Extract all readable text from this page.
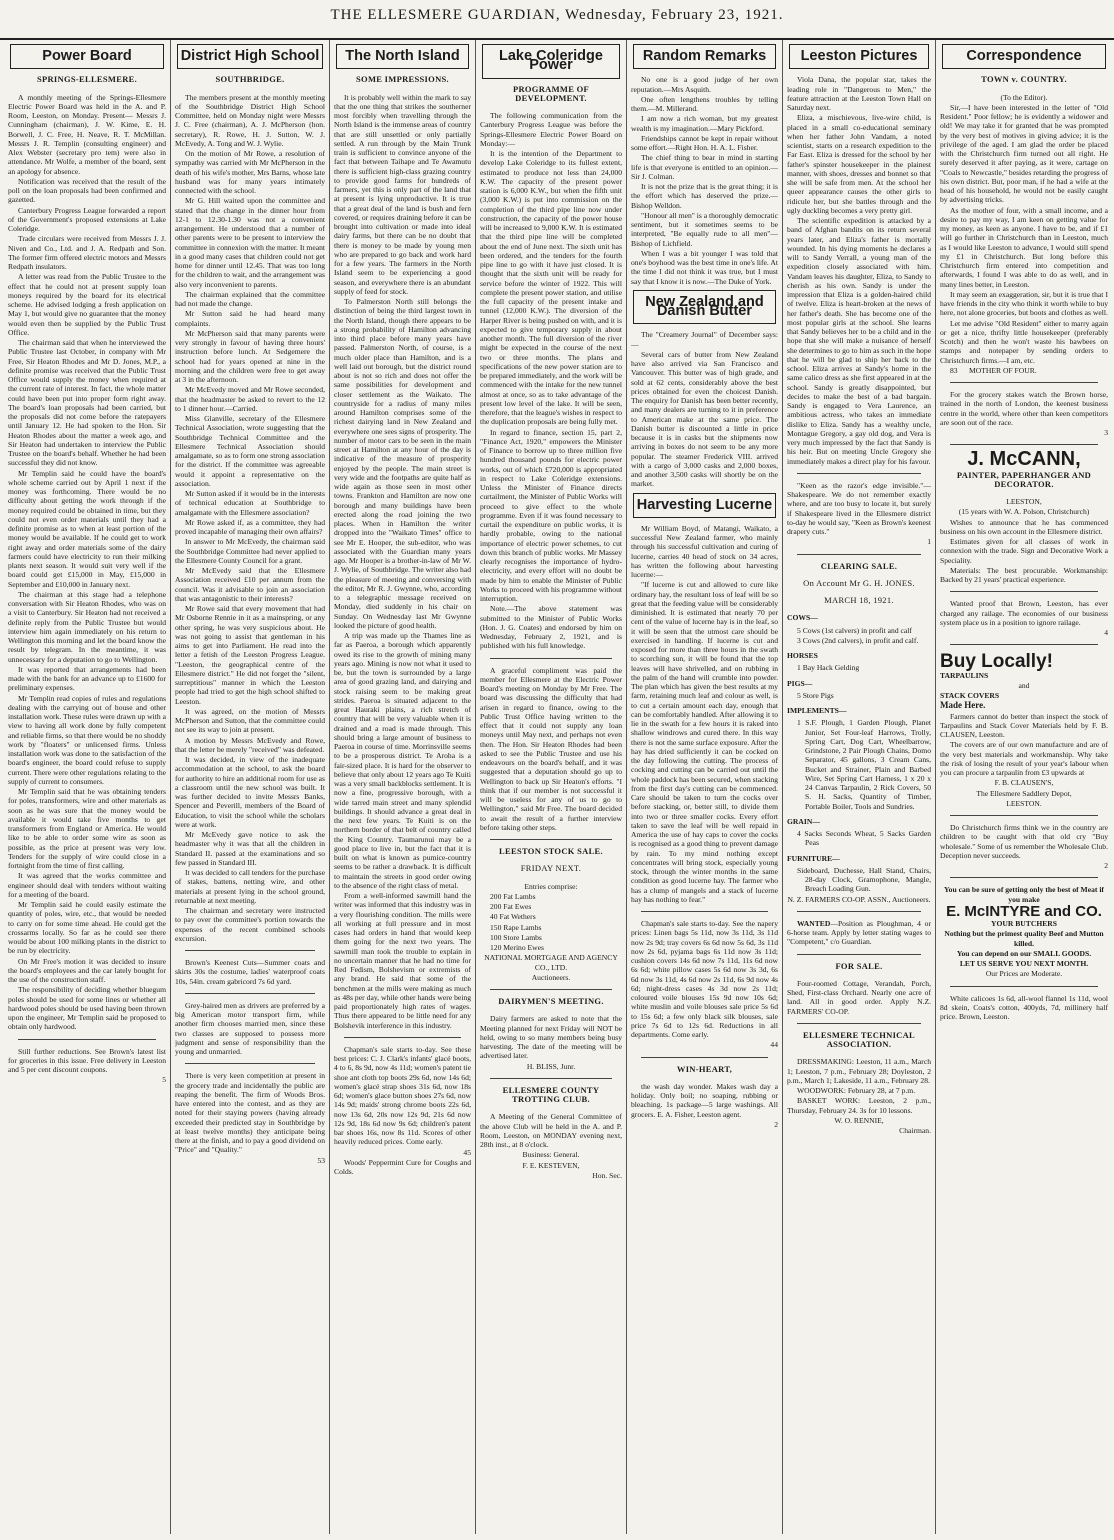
THE ELLESMERE GUARDIAN, Wednesday, February 23, 1921.
Power Board
SPRINGS-ELLESMERE.

A monthly meeting of the Springs-Ellesmere Electric Power Board was held in the A. and P. Room, Leeston, on Monday. Present— Messrs J. Cunningham (chairman), J. W. Kime, E. H. Borwell, J. C. Free, H. Neave, R. T. McMillan. Messrs J. R. Templin (consulting engineer) and Alex Webster (secretary pro tem) were also in attendance. Mr Wolfe, a member of the board, sent an apology for absence.

Notification was received that the result of the poll on the loan proposals had been confirmed and gazetted.

Canterbury Progress League forwarded a report of the Government's proposed extensions at Lake Coleridge.

Trade circulars were received from Messrs J. J. Niven and Co., Ltd. and J. A. Redpath and Son. The former firm offered electric motors and Messrs Redpath insulators.

A letter was read from the Public Trustee to the effect that he could not at present supply loan moneys required by the board for its electrical scheme. He advised lodging a fresh application on May 1, but would give no guarantee that the money would even then be supplied by the Public Trust Office.

The chairman said that when he interviewed the Public Trustee last October, in company with Mr Free, Sir Heaton Rhodes and Mr D. Jones, M.P., a definite promise was received that the Public Trust Office would supply the money when required at the current rate of interest. In fact, the whole matter could have been put into proper form right away. The board's loan proposals had been carried, but the proposals did not come before the ratepayers until January 12. He had spoken to the Hon. Sir Heaton Rhodes about the matter a week ago, and Sir Heaton had undertaken to interview the Public Trustee on the board's behalf. Whether he had been successful they did not know.

Mr Templin said he could have the board's whole scheme carried out by April 1 next if the money was forthcoming. There would be no difficulty about getting the work through if the money required could be obtained in time, but they could not even order materials until they had a definite promise as to when at least portion of the money would be available. If he could get to work right away and order materials some of the dairy farmers could have electricity to run their milking plants next season. It would suit very well if the board could get £15,000 in May, £15,000 in September and £10,000 in January next.

The chairman at this stage had a telephone conversation with Sir Heaton Rhodes, who was on a visit to Canterbury. Sir Heaton had not received a definite reply from the Public Trustee but would interview him again immediately on his return to Wellington this morning and let the board know the result by telegram. In the meantime, it was unnecessary for a deputation to go to Wellington.

It was reported that arrangements had been made with the bank for an advance up to £1600 for preliminary expenses.

Mr Templin read copies of rules and regulations dealing with the carrying out of house and other installation work. These rules were drawn up with a view to having all work done by fully competent and reliable firms, so that there would be no shoddy work by "floaters" or unlicensed firms. Unless installation work was done to the satisfaction of the board's engineer, the board could refuse to supply current. There were other regulations relating to the supply of current to consumers.

Mr Templin said that he was obtaining tenders for poles, transformers, wire and other materials as soon as he was sure that the money would be available it would take five months to get transformers from England or America. He would like to be able to order some wire as soon as possible, as the price at present was very low. Tenders for the supply of wire could close in a fortnight from the time of first calling.

It was agreed that the works committee and engineer should deal with tenders without waiting for a meeting of the board.

Mr Templin said he could easily estimate the quantity of poles, wire, etc., that would be needed to carry on for some time ahead. He could get the crossarms locally. So far as he could see there would be about 100 milking plants in the district to be run by electricity.

On Mr Free's motion it was decided to insure the board's employees and the car lately bought for the use of the construction staff.

The responsibility of deciding whether bluegum poles should be used for some lines or whether all hardwood poles should be used having been thrown upon the engineer, Mr Templin said he proposed to obtain only hardwood.

Still further reductions. See Brown's latest list for groceries in this issue. Free delivery in Leeston and 5 per cent discount coupons.

5

District High School
SOUTHBRIDGE.

The members present at the monthly meeting of the Southbridge District High School Committee, held on Monday night were Messrs J. C. Free (chairman), A. J. McPherson (hon. secretary), R. Rowe, H. J. Sutton, W. J. McEvedy, A. Tong and W. J. Wylie.

On the motion of Mr Rowe, a resolution of sympathy was carried with Mr McPherson in the death of his wife's mother, Mrs Barns, whose late husband was for many years intimately connected with the school.

Mr G. Hill waited upon the committee and stated that the change in the dinner hour from 12-1 to 12.30-1.30 was not a convenient arrangement. He understood that a number of other parents were to be present to interview the committee in connexion with the matter. It meant in a good many cases that children could not get home for dinner until 12.45. That was too long for the children to wait, and the arrangement was also very inconvenient to parents.

The chairman explained that the committee had not made the change.

Mr Sutton said he had heard many complaints.

Mr McPherson said that many parents were very strongly in favour of having three hours' instruction before lunch. At Sedgemere the school had for years opened at nine in the morning and the children were free to get away at 3 in the afternoon.

Mr McEvedy moved and Mr Rowe seconded, that the headmaster be asked to revert to the 12 to 1 dinner hour.—Carried.

Miss Glanville, secretary of the Ellesmere Technical Association, wrote suggesting that the Southbridge Technical Committee and the Ellesmere Technical Association should amalgamate, so as to form one strong association for the district. If the committee was agreeable would it appoint a representative on the association.

Mr Sutton asked if it would be in the interests of technical education at Southbridge to amalgamate with the Ellesmere association?

Mr Rowe asked if, as a committee, they had proved incapable of managing their own affairs?

In answer to Mr McEvedy, the chairman said the Southbridge Committee had never applied to the Ellesmere County Council for a grant.

Mr McEvedy said that the Ellesmere Association received £10 per annum from the council. Was it advisable to join an association that was antagonistic to their interests?

Mr Rowe said that every movement that had Mr Osborne Rennie in it as a mainspring, or any other spring, he was very suspicious about. He was not going to assist that gentleman in his aims to get into Parliament. He read into the letter a fetish of the Leeston Progress League. "Leeston, the geographical centre of the Ellesmere district." He did not forget the "silent, surreptitious" manner in which the Leeston people had tried to get the high school shifted to Leeston.

It was agreed, on the motion of Messrs McPherson and Sutton, that the committee could not see its way to join at present.

A motion by Messrs McEvedy and Rowe, that the letter be merely "received" was defeated.

It was decided, in view of the inadequate accommodation at the school, to ask the board for authority to hire an additional room for use as a classroom until the new school was built. It was further decided to invite Messrs Banks, Spencer and Peverill, members of the Board of Education, to visit the school while the scholars were at work.

Mr McEvedy gave notice to ask the headmaster why it was that all the children in Standard II. passed at the examinations and so few passed in Standard III.

It was decided to call tenders for the purchase of stakes, battens, netting wire, and other materials at present lying in the school ground, returnable at next meeting.

The chairman and secretary were instructed to pay over the committee's portion towards the expenses of the recent combined schools excursion.

Brown's Keenest Cuts—Summer coats and skirts 30s the costume, ladies' waterproof coats 10s, 54in. cream gabricord 7s 6d yard.

Grey-haired men as drivers are preferred by a big American motor transport firm, while another firm chooses married men, since these two classes are supposed to possess more judgment and sense of responsibility than the young and unmarried.

There is very keen competition at present in the grocery trade and incidentally the public are reaping the benefit. The firm of Woods Bros. have entered into the contest, and as they are noted for their staying powers (having already exceeded their predicted stay in Southbridge by at least twelve months) they anticipate being there at the finish, and to pay a good dividend on "Price" and "Quality."

53

The North Island
SOME IMPRESSIONS.

It is probably well within the mark to say that the one thing that strikes the southerner most forcibly when travelling through the North Island is the immense areas of country that are still unsettled or only partially settled. A run through by the Main Trunk train is sufficient to convince anyone of the fact that between Taihape and Te Awamutu there is sufficient high-class grazing country to provide good farms for hundreds of farmers, yet this is only part of the land that at present is lying unproductive. It is true that a great deal of the land is bush and fern covered, or requires draining before it can be brought into cultivation or made into ideal dairy farms, but there can be no doubt that there is money to be made by young men who are prepared to go back and work hard for a few years. The farmers in the North Island seem to be experiencing a good season, and everywhere there is an abundant supply of feed for stock.

To Palmerston North still belongs the distinction of being the third largest town in the North Island, though there appears to be a strong probability of Hamilton advancing into third place before many years have passed. Palmerston North, of course, is a much older place than Hamilton, and is a well laid out borough, but the district round about is not so rich and does not offer the same possibilities for development and closer settlement as the Waikato. The countryside for a radius of many miles around Hamilton comprises some of the richest dairying land in New Zealand and everywhere one sees signs of prosperity. The number of motor cars to be seen in the main street at Hamilton at any hour of the day is indicative of the measure of prosperity enjoyed by the people. The main street is very wide and the footpaths are quite half as wide again as those seen in most other towns. Frankton and Hamilton are now one borough and many buildings have been erected along the road joining the two places. When in Hamilton the writer dropped into the "Waikato Times" office to see Mr E. Hooper, the sub-editor, who was associated with the Guardian many years ago. Mr Hooper is a brother-in-law of Mr W. J. Wylie, of Southbridge. The writer also had the pleasure of meeting and conversing with the editor, Mr R. J. Gwynne, who, according to a telegraphic message received on Monday, died suddenly in his chair on Sunday. On Wednesday last Mr Gwynne looked the picture of good health.

A trip was made up the Thames line as far as Paeroa, a borough which apparently owed its rise to the growth of mining many years ago. Mining is now not what it used to be, but the town is surrounded by a large area of good grazing land, and dairying and stock raising seem to be making great strides. Paeroa is situated adjacent to the great Hauraki plains, a rich stretch of country that will be very valuable when it is drained and a road is made through. This should bring a large amount of business to Paeroa in course of time. Morrinsville seems to be a prosperous district. Te Aroha is a fair-sized place. It is hard for the observer to believe that only about 12 years ago Te Kuiti was a very small backblocks settlement. It is now a fine, progressive borough, with a wide tarred main street and many splendid buildings. It should advance a great deal in the next few years. Te Kuiti is on the northern border of that belt of country called the King Country. Taumarunui may be a good place to live in, but the fact that it is built on what is known as pumice-country seems to be rather a drawback. It is difficult to maintain the streets in good order owing to the absence of the right class of metal.

From a well-informed sawmill hand the writer was informed that this industry was in a very flourishing condition. The mills were all working at full pressure and in most cases had orders in hand that would keep them going for the next two years. The sawmill man took the trouble to explain in no uncertain manner that he had no time for Red Fedism, Bolshevism or extremists of any brand. He said that some of the benchmen at the mills were making as much as 48s per day, while other hands were being paid proportionately high rates of wages. Thus there appeared to be little need for any Bolshevik interference in this industry.

Chapman's sale starts to-day. See these best prices: C. J. Clark's infants' glacé boots, 4 to 6, 8s 9d, now 4s 11d; women's patent tie shoe ant cloth top boots 29s 6d, now 14s 6d; women's glacé strap shoes 31s 6d, now 18s 6d; women's glace button shoes 27s 6d, now 14s 9d; maids' strong chrome boots 22s 6d, now 13s 6d, 20s now 12s 9d, 21s 6d now 12s 9d, 18s 6d now 9s 6d; children's patent bar shoes 16s, now 8s 11d. Scores of other heavily reduced prices. Come early.

45

Woods' Peppermint Cure for Coughs and Colds.

Lake Coleridge Power
PROGRAMME OF DEVELOPMENT.

The following communication from the Canterbury Progress League was before the Springs-Ellesmere Electric Power Board on Monday:—

It is the intention of the Department to develop Lake Coleridge to its fullest extent, estimated to produce not less than 24,000 K.W. The capacity of the present power station is 6,000 K.W., but when the fifth unit (3,000 K.W.) is put into commission on the completion of the third pipe line now under construction, the capacity of the power house will be increased to 9,000 K.W. It is estimated that the third pipe line will be completed about the end of June next. The sixth unit has been ordered, and the tenders for the fourth pipe line to go with it have just closed. It is thought that the sixth unit will be ready for service before the winter of 1922. This will complete the present power station, and utilise the full capacity of the present intake and tunnel (12,000 K.W.). The diversion of the Harper River is being pushed on with, and it is expected to give temporary supply in about another month. The full diversion of the river might be expected in the course of the next two or three months. The plans and specifications of the new power station are to be prepared immediately, and the work will be commenced with the intake for the new tunnel almost at once, so as to take advantage of the present low level of the lake. It will be seen, therefore, that the league's wishes in respect to the duplication proposals are being fully met.

In regard to finance, section 15, part 2, "Finance Act, 1920," empowers the Minister of Finance to borrow up to three million five hundred thousand pounds for electric power works, out of which £720,000 is appropriated in respect to Lake Coleridge extensions. Unless the Minister of Finance directs curtailment, the Minister of Public Works will proceed to give effect to the whole programme. Even if it was found necessary to curtail the expenditure on public works, it is hardly probable, owing to the national importance of electric power schemes, to cut down this branch of public works. Mr Massey clearly recognises the importance of hydro-electricity, and every effort will no doubt be made by him to enable the Minister of Public Works to proceed with his programme without interruption.

Note.—The above statement was submitted to the Minister of Public Works (Hon. J. G. Coates) and endorsed by him on Wednesday, February 2, 1921, and is published with his full knowledge.

A graceful compliment was paid the member for Ellesmere at the Electric Power Board's meeting on Monday by Mr Free. The board was discussing the difficulty that had arisen in regard to finance, owing to the Public Trust Office having written to the effect that it could not supply any loan moneys until May next, and perhaps not even then. The Hon. Sir Heaton Rhodes had been asked to see the Public Trustee and use his endeavours on the board's behalf, and it was suggested that a deputation should go up to Wellington to back up Sir Heaton's efforts. "I think that if our member is not successful it will be useless for any of us to go to Wellington," said Mr Free. The board decided to await the result of a further interview before taking other steps.

LEESTON STOCK SALE.
FRIDAY NEXT.

Entries comprise:

200 Fat Lambs

200 Fat Ewes

40 Fat Wethers

150 Rape Lambs

100 Store Lambs

120 Merino Ewes

NATIONAL MORTGAGE AND AGENCY CO., LTD.

Auctioneers.

DAIRYMEN'S MEETING.

Dairy farmers are asked to note that the Meeting planned for next Friday will NOT be held, owing to so many members being busy harvesting. The date of the meeting will be advertised later.

H. BLISS, Junr.

ELLESMERE COUNTY TROTTING CLUB.

A Meeting of the General Committee of the above Club will be held in the A. and P. Room, Leeston, on MONDAY evening next, 28th inst., at 8 o'clock.

Business: General.

F. E. KESTEVEN,

Hon. Sec.

Random Remarks

No one is a good judge of her own reputation.—Mrs Asquith.

One often lengthens troubles by telling them.—M. Millerand.

I am now a rich woman, but my greatest wealth is my imagination.—Mary Pickford.

Friendships cannot be kept in repair without some effort.—Right Hon. H. A. L. Fisher.

The chief thing to bear in mind in starting life is that everyone is entitled to an opinion.—Sir J. Colman.

It is not the prize that is the great thing; it is the effort which has deserved the prize.—Bishop Welldon.

"Honour all men" is a thoroughly democratic sentiment, but it sometimes seems to be interpreted, "Be equally rude to all men"—Bishop of Lichfield.

When I was a bit younger I was told that one's boyhood was the best time in one's life. At the time I did not think it was true, but I must say that I know it is now.—The Duke of York.

New Zealand and Danish Butter

The "Creamery Journal" of December says:—

Several cars of butter from New Zealand have also arrived via San Francisco and Vancouver. This butter was of high grade, and sold at 62 cents, considerably above the best prices obtained for even the choicest Danish. The enquiry for Danish has been better recently, and many dealers are turning to it in preference to American make at the same price. The Danish butter is discounted a little in price because it is in casks but the shipments now arriving in boxes do not seem to be any more popular. The steamer Frederick VIII. arrived with a cargo of 3,000 casks and 2,000 boxes, and another 3,500 casks will shortly be on the market.

Harvesting Lucerne

Mr William Boyd, of Matangi, Waikato, a successful New Zealand farmer, who mainly through his successful cultivation and curing of lucerne, carries 40 head of stock on 34 acres, has written the following about harvesting lucerne:—

"If lucerne is cut and allowed to cure like ordinary hay, the resultant loss of leaf will be so great that the feeding value will be considerably diminished. It is estimated that nearly 70 per cent of the value of lucerne hay is in the leaf, so it will be seen that the utmost care should be exercised in handling. If lucerne is cut and exposed for more than three hours in the swath to scorching sun, it will be found that the top leaves will have shrivelled, and on rubbing in the palm of the hand will crumble into powder. The plan which has given the best results at my farm, retaining much leaf and colour as well, is to cut a certain amount each day, enough that can be comfortably handled. After allowing it to lie in the swath for a few hours it is raked into shallow windrows and cured there. In this way there is not the same surface exposure. After the hay has dried sufficiently it can be cocked on the day following the cutting. The process of cocking and cutting can be carried out until the whole paddock has been secured, when stacking from the first day's cutting can be commenced. Care should be taken to turn the cocks over before stacking, or, better still, to divide them into two or three smaller cocks. Every effort taken to save the leaf will be well repaid in America the use of hay caps to cover the cocks is recognised as a good thing to prevent damage by rain. To my mind nothing except concentrates will bring stock, especially young stock, through the winter months in the same condition as good lucerne hay. The farmer who has a clump of mangels and a stack of lucerne hay has nothing to fear."

Chapman's sale starts to-day. See the napery prices: Linen bags 5s 11d, now 3s 11d, 3s 11d now 2s 9d; tray covers 6s 6d now 5s 6d, 3s 11d now 2s 6d, pyjama bags 6s 11d now 3s 11d; cushion covers 14s 6d now 7s 11d, 11s 6d now 6s 6d; white pillow cases 5s 6d now 3s 3d, 6s 6d now 3s 11d, 4s 6d now 2s 11d, 6s 9d now 4s 6d; night-dress cases 4s 3d now 2s 11d; coloured voile blouses 15s 9d now 10s 6d; white muslin and voile blouses sale price 5s 6d to 15s 6d; a few only black silk blouses, sale price 7s 6d to 12s 6d. Reductions in all departments. Come early.

44

WIN-HEART,

the wash day wonder. Makes wash day a holiday. Only boil; no soaping, rubbing or bleaching. 1s package—5 large washings. All grocers. E. A. Fisher, Leeston agent.

2

Leeston Pictures

Viola Dana, the popular star, takes the leading role in "Dangerous to Men," the feature attraction at the Leeston Town Hall on Saturday next.

Eliza, a mischievous, live-wire child, is placed in a small co-educational seminary when her father John Vandam, a noted scientist, starts on a research expedition to the Far East. Eliza is dressed for the school by her father's spinster housekeeper in the plainest manner, with shoes, dresses and bonnet so that she will be safe from men. At the school her queer appearance causes the other girls to ridicule her, but she battles through and the ugly duckling becomes a very pretty girl.

The scientific expedition is attacked by a band of Afghan bandits on its return several years later, and Eliza's father is mortally wounded. In his dying moments he declares a will to Sandy Verrall, a young man of the expedition closely associated with him. Vandam leaves his daughter, Eliza, to Sandy to cherish as his own. Sandy is under the impression that Eliza is a golden-haired child of twelve. Eliza is heart-broken at the news of her father's death. She has become one of the most popular girls at the school. She learns that Sandy believes her to be a child and in the hope that she will make a nuisance of herself she determines to go to him as such in the hope that he will be glad to ship her back to the school. Eliza arrives at Sandy's home in the same calico dress as she first appeared in at the school. Sandy is greatly disappointed, but decides to make the best of a bad bargain. Sandy is engaged to Vera Laurence, an ambitious actress, who takes an immediate dislike to Eliza. Sandy has a wealthy uncle, Montague Gregory, a gay old dog, and Vera is very much impressed by the fact that Sandy is his heir. But on meeting Uncle Gregory she immediately makes a direct play for his favour.

"Keen as the razor's edge invisible."—Shakespeare. We do not remember exactly where, and are too busy to locate it, but surely if Shakespeare lived in the Ellesmere district to-day he would say, "Keen as Brown's keenest drapery cuts."

1

CLEARING SALE.
On Account Mr G. H. JONES.
MARCH 18, 1921.

COWS—

5 Cows (1st calvers) in profit and calf

3 Cows (2nd calvers), in profit and calf.

HORSES

1 Bay Hack Gelding

PIGS—

5 Store Pigs

IMPLEMENTS—

1 S.F. Plough, 1 Garden Plough, Planet Junior, Set Four-leaf Harrows, Trolly, Spring Cart, Dog Cart, Wheelbarrow, Grindstone, 2 Pair Plough Chains, Domo Separator, 45 gallons, 3 Cream Cans, Bucket and Strainer, Plain and Barbed Wire, Set Spring Cart Harness, 1 x 20 x 24 Canvas Tarpaulin, 2 Rick Covers, 50 S. H. Sacks, Quantity of Timber, Portable Boiler, Tools and Sundries.

GRAIN—

4 Sacks Seconds Wheat, 5 Sacks Garden Peas

FURNITURE—

Sideboard, Duchesse, Hall Stand, Chairs, 28-day Clock, Gramophone, Mangle, Breach Loading Gun.

N. Z. FARMERS CO-OP. ASSN., Auctioneers.

WANTED—Position as Ploughman, 4 or 6-horse team. Apply by letter stating wages to "Competent," c/o Guardian.

FOR SALE.

Four-roomed Cottage, Verandah, Porch, Shed, First-class Orchard. Nearly one acre of land. All in good order. Apply N.Z. FARMERS' CO-OP.

ELLESMERE TECHNICAL ASSOCIATION.

DRESSMAKING: Leeston, 11 a.m., March 1; Leeston, 7 p.m., February 28; Doyleston, 2 p.m., March 1; Lakeside, 11 a.m., February 28.

WOODWORK: February 28, at 7 p.m.

BASKET WORK: Leeston, 2 p.m., Thursday, February 24. 3s for 10 lessons.

W. O. RENNIE,

Chairman.

Correspondence
TOWN v. COUNTRY.

(To the Editor).

Sir,—I have been interested in the letter of "Old Resident." Poor fellow; he is evidently a widower and old! We may take it for granted that he was prompted by the very best of motives in giving advice; it is the privilege of the aged. I am glad the order be placed with the Christchurch firm turned out all right. He surely deserved it after paying, as it were, cartage on "Coals to Newcastle," besides retarding the progress of his own district. But, poor man, if he had a wife at the head of his household, he would not be easily caught by advertising tricks.

As the mother of four, with a small income, and a desire to pay my way, I am keen on getting value for my money, as keen as anyone. I have to be, and if £1 will go further in Christchurch than in Leeston, much as I would like Leeston to advance, I would still spend my £1 in Christchurch. But long before this Christchurch firm entered into competition and afterwards, I found I was able to do as well, and in many lines better, in Leeston.

It may seem an exaggeration, sir, but it is true that I have friends in the city who think it worth while to buy here, not alone groceries, but boots and clothes as well.

Let me advise "Old Resident" either to marry again or get a nice, thrifty little housekeeper (preferably Scotch) and then he won't waste his bawbees on stamps and notepaper by sending orders to Christchurch firms.—I am, etc.

83 MOTHER OF FOUR.

For the grocery stakes watch the Brown horse, trained in the north of London, the keenest business centre in the world, where other than keen competitors are soon out of the race.

3

J. McCANN,
PAINTER, PAPERHANGER AND DECORATOR.

LEESTON,

(15 years with W. A. Polson, Christchurch)

Wishes to announce that he has commenced business on his own account in the Ellesmere district.

Estimates given for all classes of work in connexion with the trade. Sign and Decorative Work a Speciality.

Materials: The best procurable. Workmanship: Backed by 21 years' practical experience.

Wanted proof that Brown, Leeston, has ever charged any railage. The economies of our business system place us in a position to ignore railage.

4

Buy Locally!

TARPAULINS

and

STACK COVERS

Made Here.

Farmers cannot do better than inspect the stock of Tarpaulins and Stack Cover Materials held by F. B. CLAUSEN, Leeston.

The covers are of our own manufacture and are of the very best materials and workmanship. Why take the risk of losing the result of your year's labour when you can procure a tarpaulin from £3 upwards at

F. B. CLAUSEN'S,

The Ellesmere Saddlery Depot,

LEESTON.

Do Christchurch firms think we in the country are children to be caught with that old cry "Buy wholesale." Some of us remember the Wholesale Club. Deception never succeeds.

2

You can be sure of getting only the best of Meat if you make

E. McINTYRE and CO.

YOUR BUTCHERS

Nothing but the primest quality Beef and Mutton killed.

You can depend on our SMALL GOODS.

LET US SERVE YOU NEXT MONTH.

Our Prices are Moderate.

White calicoes 1s 6d, all-wool flannel 1s 11d, wool 8d skein, Coats's cotton, 400yds, 7d, millinery half price. Brown, Leeston.
